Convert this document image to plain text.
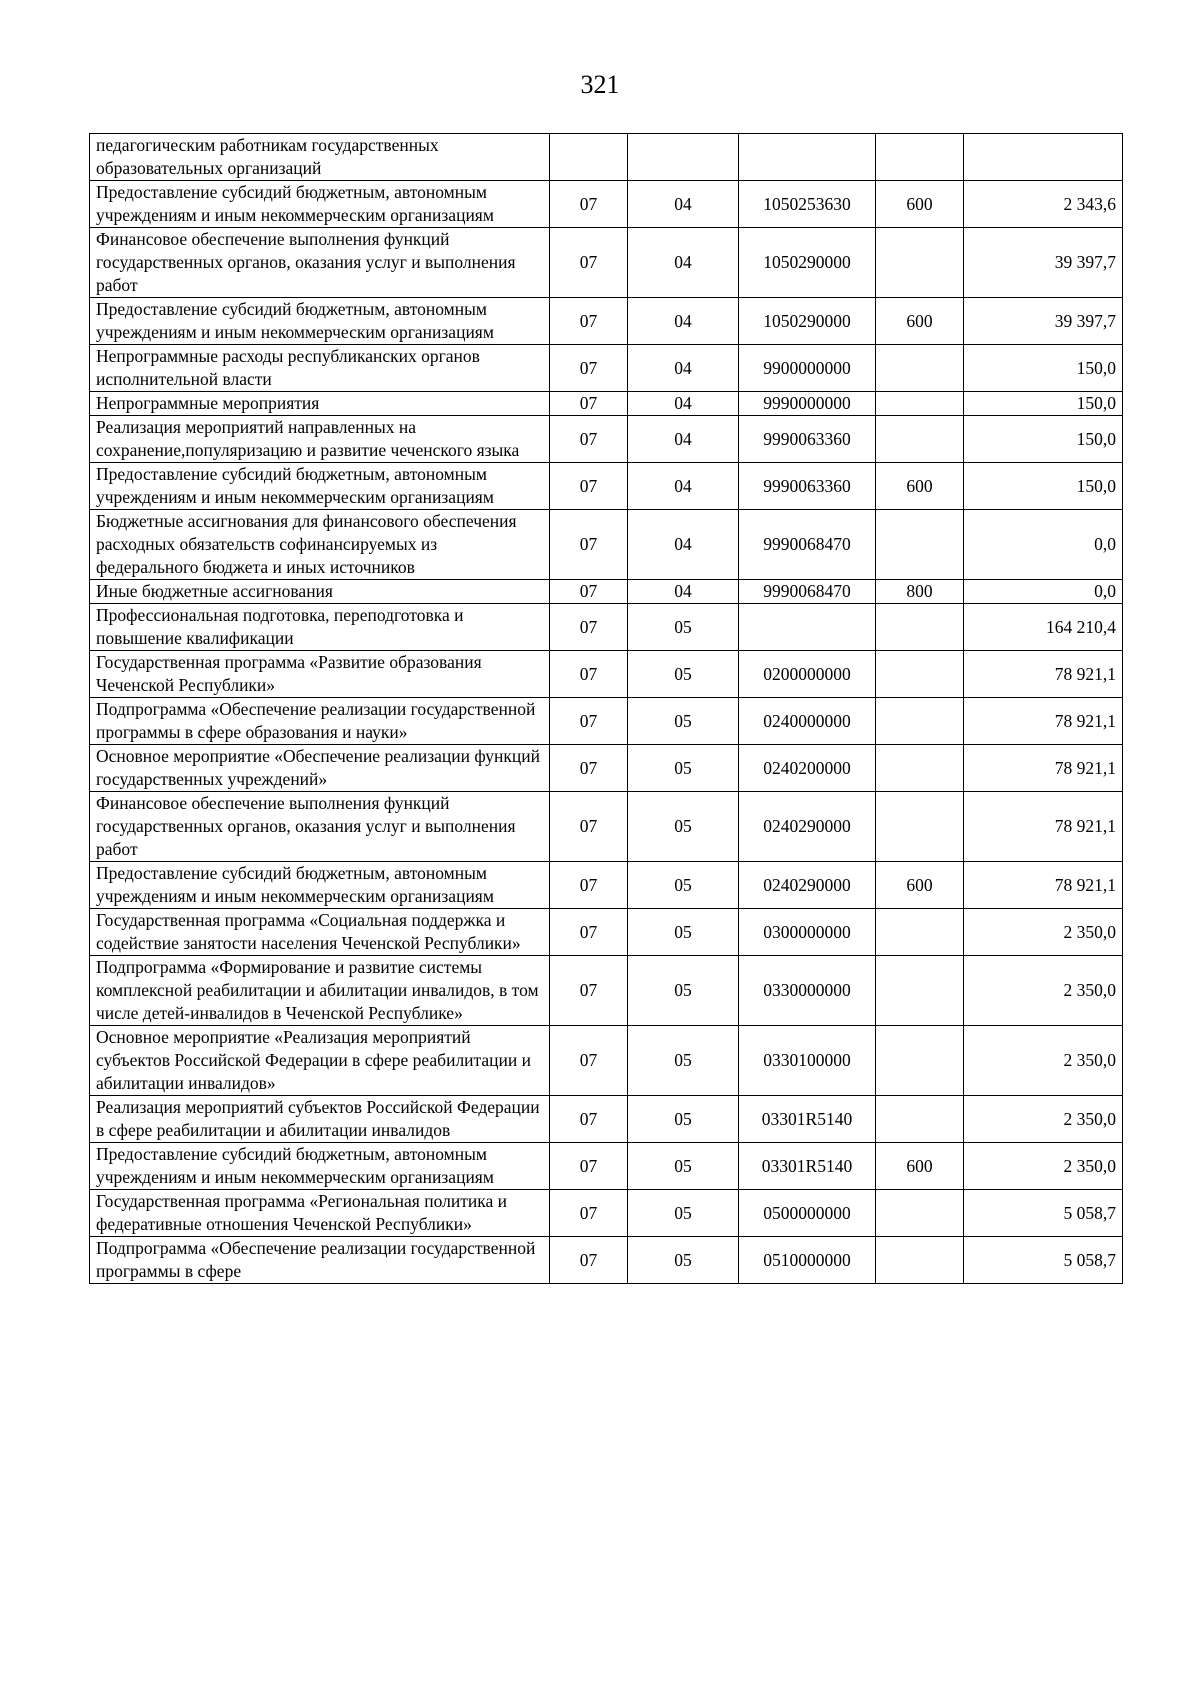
321
педагогическим работникам государственных образовательных организаций					
Предоставление субсидий бюджетным, автономным учреждениям и иным некоммерческим организациям	07	04	1050253630	600	2 343,6
Финансовое обеспечение выполнения функций государственных органов, оказания услуг и выполнения работ	07	04	1050290000		39 397,7
Предоставление субсидий бюджетным, автономным учреждениям и иным некоммерческим организациям	07	04	1050290000	600	39 397,7
Непрограммные расходы республиканских органов исполнительной власти	07	04	9900000000		150,0
Непрограммные мероприятия	07	04	9990000000		150,0
Реализация мероприятий направленных на сохранение,популяризацию и развитие чеченского языка	07	04	9990063360		150,0
Предоставление субсидий бюджетным, автономным учреждениям и иным некоммерческим организациям	07	04	9990063360	600	150,0
Бюджетные ассигнования для финансового обеспечения расходных обязательств софинансируемых из федерального бюджета и иных источников	07	04	9990068470		0,0
Иные бюджетные ассигнования	07	04	9990068470	800	0,0
Профессиональная подготовка, переподготовка и повышение квалификации	07	05			164 210,4
Государственная программа «Развитие образования Чеченской Республики»	07	05	0200000000		78 921,1
Подпрограмма «Обеспечение реализации государственной программы в сфере образования и науки»	07	05	0240000000		78 921,1
Основное мероприятие «Обеспечение реализации функций государственных учреждений»	07	05	0240200000		78 921,1
Финансовое обеспечение выполнения функций государственных органов, оказания услуг и выполнения работ	07	05	0240290000		78 921,1
Предоставление субсидий бюджетным, автономным учреждениям и иным некоммерческим организациям	07	05	0240290000	600	78 921,1
Государственная программа «Социальная поддержка и содействие занятости населения Чеченской Республики»	07	05	0300000000		2 350,0
Подпрограмма «Формирование и развитие системы комплексной реабилитации и абилитации инвалидов, в том числе детей-инвалидов в Чеченской Республике»	07	05	0330000000		2 350,0
Основное мероприятие «Реализация мероприятий субъектов Российской Федерации в сфере реабилитации и абилитации инвалидов»	07	05	0330100000		2 350,0
Реализация мероприятий субъектов Российской Федерации в сфере реабилитации и абилитации инвалидов	07	05	03301R5140		2 350,0
Предоставление субсидий бюджетным, автономным учреждениям и иным некоммерческим организациям	07	05	03301R5140	600	2 350,0
Государственная программа «Региональная политика и федеративные отношения Чеченской Республики»	07	05	0500000000		5 058,7
Подпрограмма «Обеспечение реализации государственной программы в сфере	07	05	0510000000		5 058,7
